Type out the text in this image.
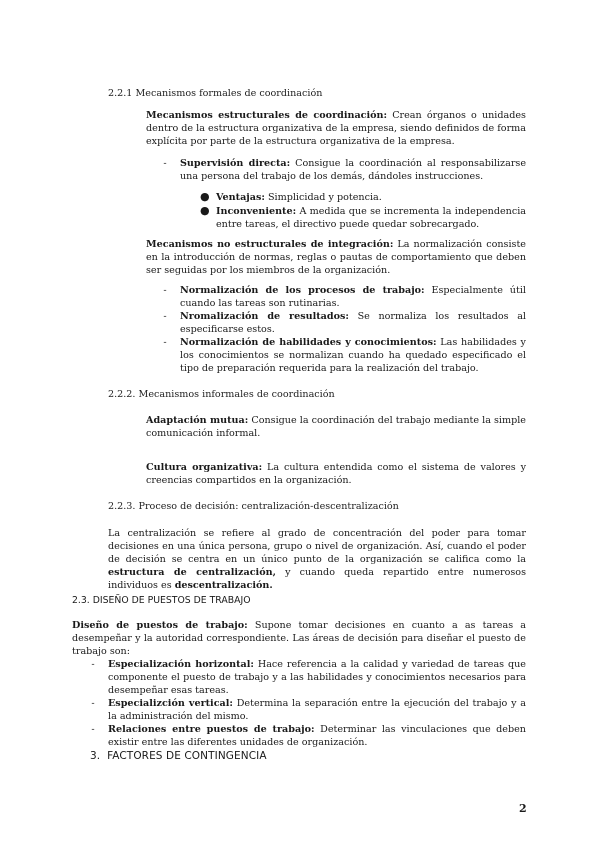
2.2.1 Mecanismos formales de coordinación
Mecanismos estructurales de coordinación: Crean órganos o unidades dentro de la estructura organizativa de la empresa, siendo definidos de forma explícita por parte de la estructura organizativa de la empresa.
-	Supervisión directa: Consigue la coordinación al responsabilizarse una persona del trabajo de los demás, dándoles instrucciones.
● Ventajas: Simplicidad y potencia.
● Inconveniente: A medida que se incrementa la independencia entre tareas, el directivo puede quedar sobrecargado.
Mecanismos no estructurales de integración: La normalización consiste en la introducción de normas, reglas o pautas de comportamiento que deben ser seguidas por los miembros de la organización.
-	Normalización de los procesos de trabajo: Especialmente útil cuando las tareas son rutinarias.
-	Nromalización de resultados: Se normaliza los resultados al especificarse estos.
-	Normalización de habilidades y conocimientos: Las habilidades y los conocimientos se normalizan cuando ha quedado especificado el tipo de preparación requerida para la realización del trabajo.
2.2.2. Mecanismos informales de coordinación
Adaptación mutua: Consigue la coordinación del trabajo mediante la simple comunicación informal.
Cultura organizativa: La cultura entendida como el sistema de valores y creencias compartidos en la organización.
2.2.3. Proceso de decisión: centralización-descentralización
La centralización se refiere al grado de concentración del poder para tomar decisiones en una única persona, grupo o nivel de organización. Así, cuando el poder de decisión se centra en un único punto de la organización se califica como la estructura de centralización, y cuando queda repartido entre numerosos individuos es descentralización.
2.3. DISEÑO DE PUESTOS DE TRABAJO
Diseño de puestos de trabajo: Supone tomar decisiones en cuanto a as tareas a desempeñar y la autoridad correspondiente. Las áreas de decisión para diseñar el puesto de trabajo son:
-	Especialización horizontal: Hace referencia a la calidad y variedad de tareas que componente el puesto de trabajo y a las habilidades y conocimientos necesarios para desempeñar esas tareas.
-	Especializción vertical: Determina la separación entre la ejecución del trabajo y a la administración del mismo.
-	Relaciones entre puestos de trabajo: Determinar las vinculaciones que deben existir entre las diferentes unidades de organización.
3.  FACTORES DE CONTINGENCIA
2
